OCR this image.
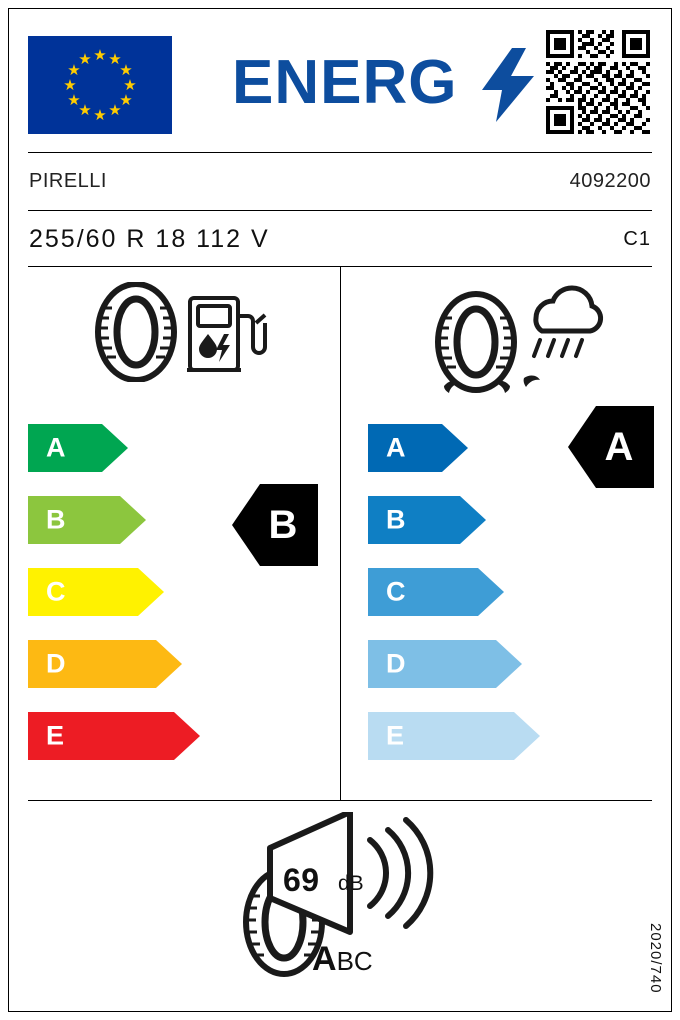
★ ★
★
★
★
★
★
★
★
★
★
★ ENERG
PIRELLI	4092200
255/60 R 18 112 V	C1
A
B
C
D
E
B
A
B
C
D
E
A
69 dB
ABC	2020/740
